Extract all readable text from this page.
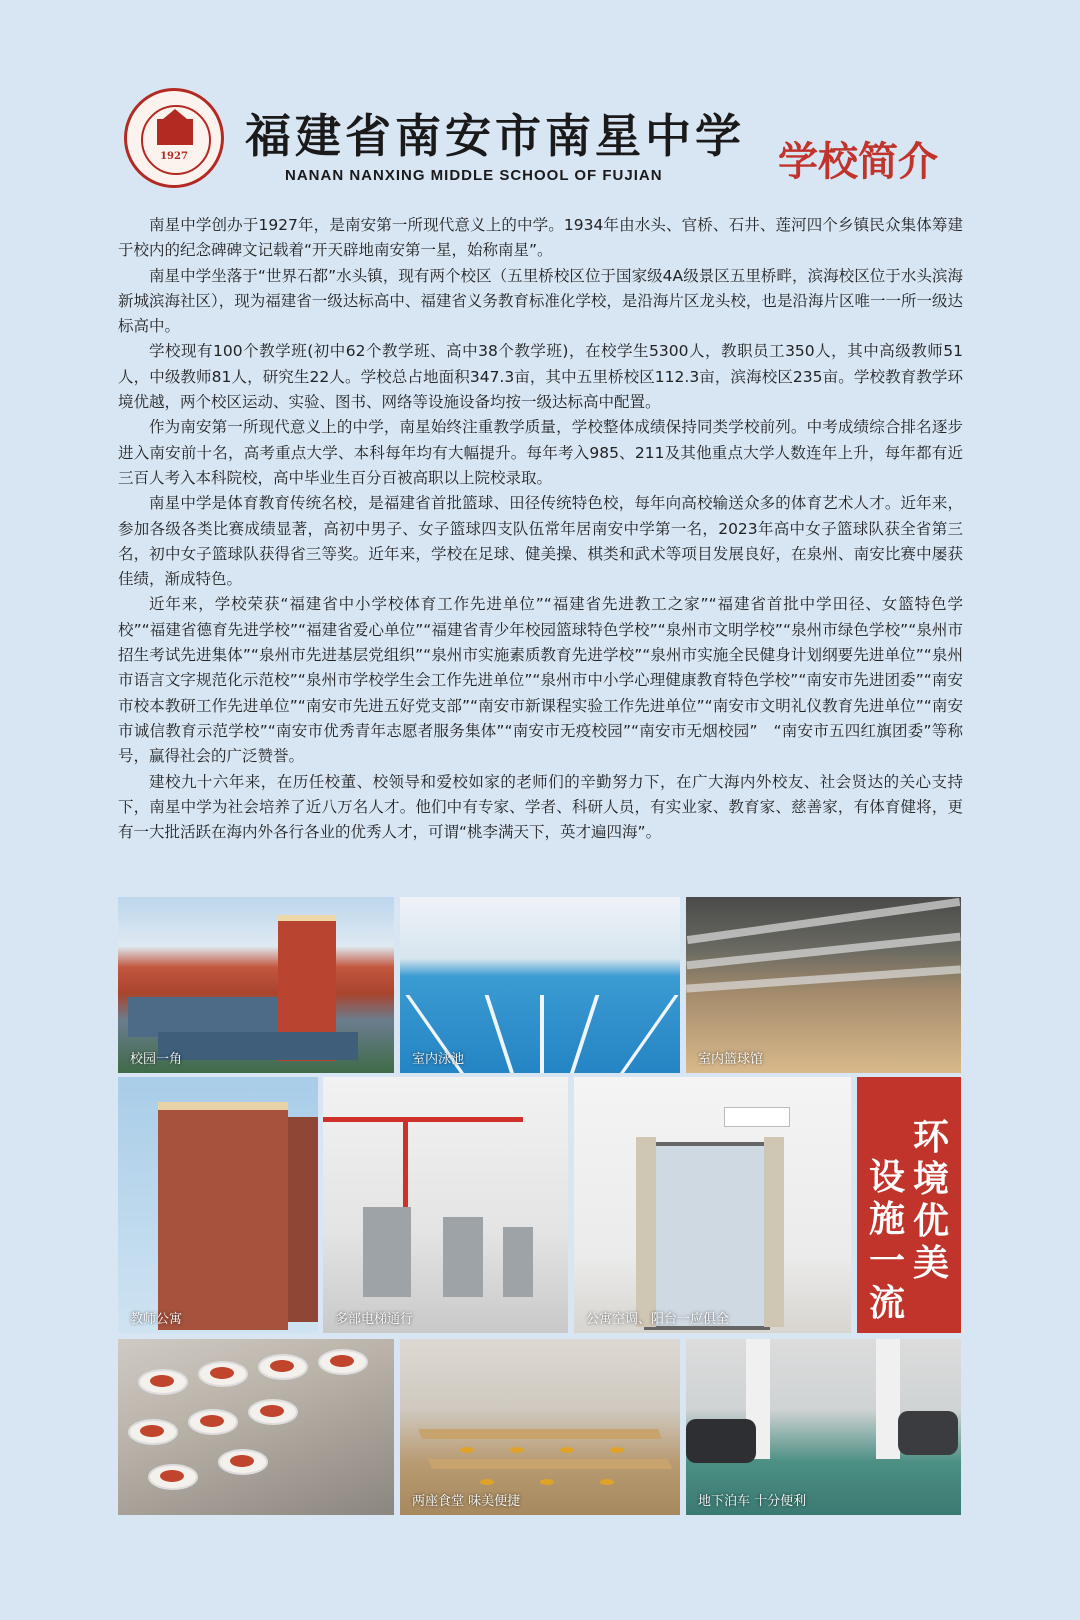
1927	福建省南安市南星中学
NANAN NANXING MIDDLE SCHOOL OF FUJIAN	学校简介

南星中学创办于1927年，是南安第一所现代意义上的中学。1934年由水头、官桥、石井、莲河四个乡镇民众集体筹建于校内的纪念碑碑文记载着“开天辟地南安第一星，始称南星”。

南星中学坐落于“世界石都”水头镇，现有两个校区（五里桥校区位于国家级4A级景区五里桥畔，滨海校区位于水头滨海新城滨海社区），现为福建省一级达标高中、福建省义务教育标准化学校，是沿海片区龙头校，也是沿海片区唯一一所一级达标高中。

学校现有100个教学班(初中62个教学班、高中38个教学班)，在校学生5300人，教职员工350人，其中高级教师51人，中级教师81人，研究生22人。学校总占地面积347.3亩，其中五里桥校区112.3亩，滨海校区235亩。学校教育教学环境优越，两个校区运动、实验、图书、网络等设施设备均按一级达标高中配置。

作为南安第一所现代意义上的中学，南星始终注重教学质量，学校整体成绩保持同类学校前列。中考成绩综合排名逐步进入南安前十名，高考重点大学、本科每年均有大幅提升。每年考入985、211及其他重点大学人数连年上升，每年都有近三百人考入本科院校，高中毕业生百分百被高职以上院校录取。

南星中学是体育教育传统名校，是福建省首批篮球、田径传统特色校，每年向高校输送众多的体育艺术人才。近年来，参加各级各类比赛成绩显著，高初中男子、女子篮球四支队伍常年居南安中学第一名，2023年高中女子篮球队获全省第三名，初中女子篮球队获得省三等奖。近年来，学校在足球、健美操、棋类和武术等项目发展良好，在泉州、南安比赛中屡获佳绩，渐成特色。

近年来，学校荣获“福建省中小学校体育工作先进单位”“福建省先进教工之家”“福建省首批中学田径、女篮特色学校”“福建省德育先进学校”“福建省爱心单位”“福建省青少年校园篮球特色学校”“泉州市文明学校”“泉州市绿色学校”“泉州市招生考试先进集体”“泉州市先进基层党组织”“泉州市实施素质教育先进学校”“泉州市实施全民健身计划纲要先进单位”“泉州市语言文字规范化示范校”“泉州市学校学生会工作先进单位”“泉州市中小学心理健康教育特色学校”“南安市先进团委”“南安市校本教研工作先进单位”“南安市先进五好党支部”“南安市新课程实验工作先进单位”“南安市文明礼仪教育先进单位”“南安市诚信教育示范学校”“南安市优秀青年志愿者服务集体”“南安市无疫校园”“南安市无烟校园”　“南安市五四红旗团委”等称号，赢得社会的广泛赞誉。

建校九十六年来，在历任校董、校领导和爱校如家的老师们的辛勤努力下，在广大海内外校友、社会贤达的关心支持下，南星中学为社会培养了近八万名人才。他们中有专家、学者、科研人员，有实业家、教育家、慈善家，有体育健将，更有一大批活跃在海内外各行各业的优秀人才，可谓“桃李满天下，英才遍四海”。

校园一角	室内泳池	室内篮球馆
教师公寓	多部电梯通行	公寓空调、阳台一应俱全
环境优美
设施一流
两座食堂 味美便捷	地下泊车 十分便利
